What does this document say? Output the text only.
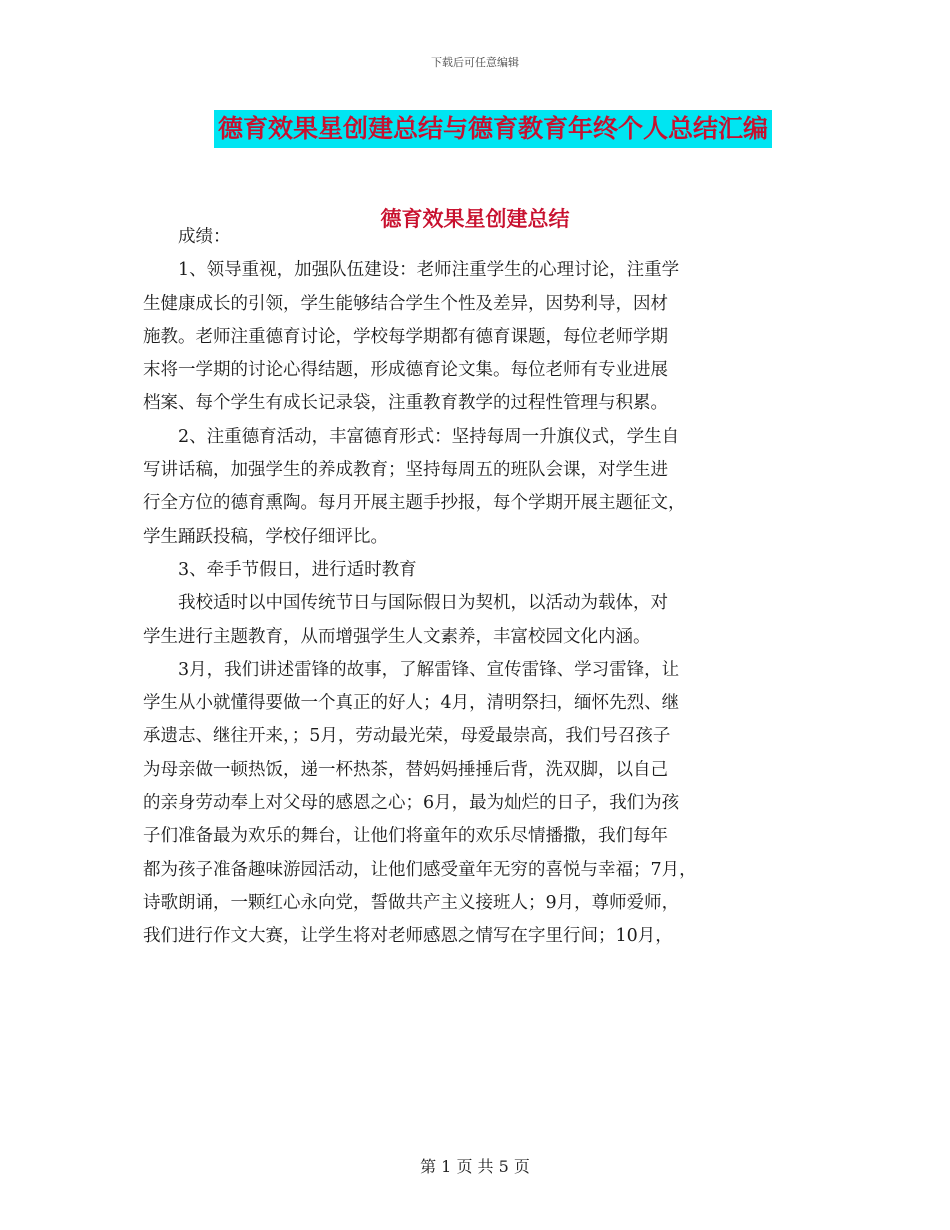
下载后可任意编辑
德育效果星创建总结与德育教育年终个人总结汇编
德育效果星创建总结
成绩：
1、领导重视，加强队伍建设：老师注重学生的心理讨论，注重学
生健康成长的引领，学生能够结合学生个性及差异，因势利导，因材
施教。老师注重德育讨论，学校每学期都有德育课题，每位老师学期
末将一学期的讨论心得结题，形成德育论文集。每位老师有专业进展
档案、每个学生有成长记录袋，注重教育教学的过程性管理与积累。
2、注重德育活动，丰富德育形式：坚持每周一升旗仪式，学生自
写讲话稿，加强学生的养成教育；坚持每周五的班队会课，对学生进
行全方位的德育熏陶。每月开展主题手抄报，每个学期开展主题征文，
学生踊跃投稿，学校仔细评比。
3、牵手节假日，进行适时教育
我校适时以中国传统节日与国际假日为契机，以活动为载体，对
学生进行主题教育，从而增强学生人文素养，丰富校园文化内涵。
3月，我们讲述雷锋的故事，了解雷锋、宣传雷锋、学习雷锋，让
学生从小就懂得要做一个真正的好人；4月，清明祭扫，缅怀先烈、继
承遗志、继往开来，；5月，劳动最光荣，母爱最崇高，我们号召孩子
为母亲做一顿热饭，递一杯热茶，替妈妈捶捶后背，洗双脚，以自己
的亲身劳动奉上对父母的感恩之心；6月，最为灿烂的日子，我们为孩
子们准备最为欢乐的舞台，让他们将童年的欢乐尽情播撒，我们每年
都为孩子准备趣味游园活动，让他们感受童年无穷的喜悦与幸福；7月，
诗歌朗诵，一颗红心永向党，誓做共产主义接班人；9月，尊师爱师，
我们进行作文大赛，让学生将对老师感恩之情写在字里行间；10月，
第 1 页 共 5 页
